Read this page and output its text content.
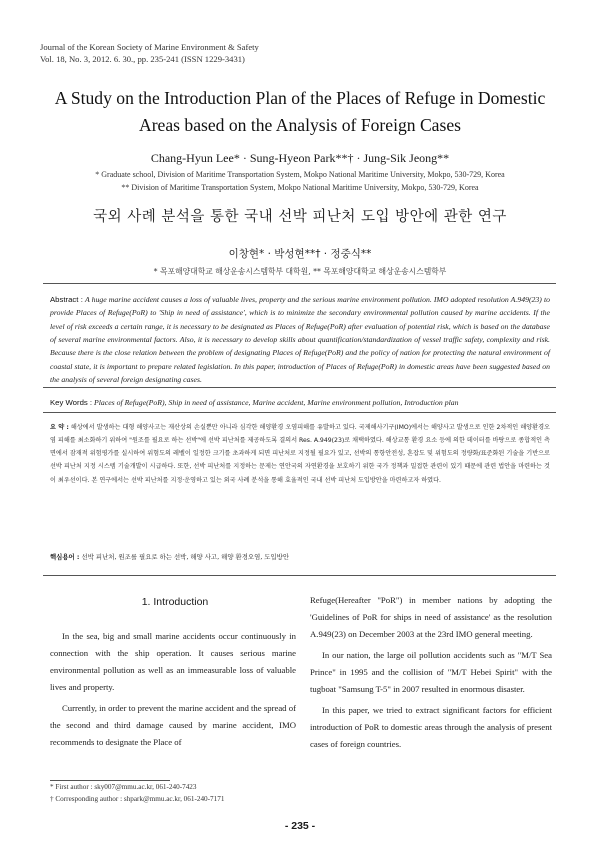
Journal of the Korean Society of Marine Environment & Safety
Vol. 18, No. 3, 2012. 6. 30., pp. 235-241 (ISSN 1229-3431)
A Study on the Introduction Plan of the Places of Refuge in Domestic
Areas based on the Analysis of Foreign Cases
Chang-Hyun Lee* · Sung-Hyeon Park**† · Jung-Sik Jeong**
* Graduate school, Division of Maritime Transportation System, Mokpo National Maritime University, Mokpo, 530-729, Korea
** Division of Maritime Transportation System, Mokpo National Maritime University, Mokpo, 530-729, Korea
국외 사례 분석을 통한 국내 선박 피난처 도입 방안에 관한 연구
이창현* · 박성현**† · 정중식**
* 목포해양대학교 해상운송시스템학부 대학원, ** 목포해양대학교 해상운송시스템학부
Abstract : A huge marine accident causes a loss of valuable lives, property and the serious marine environment pollution. IMO adopted resolution A.949(23) to provide Places of Refuge(PoR) to 'Ship in need of assistance', which is to minimize the secondary environmental pollution caused by marine accidents. If the level of risk exceeds a certain range, it is necessary to be designated as Places of Refuge(PoR) after evaluation of potential risk, which is based on the database of several marine environmental factors. Also, it is necessary to develop skills about quantification/standardization of vessel traffic safety, complexity and risk. Because there is the close relation between the problem of designating Places of Refuge(PoR) and the policy of nation for protecting the natural environment of coastal state, it is important to prepare related legislation. In this paper, introduction of Places of Refuge(PoR) in domestic areas have been suggested based on the analysis of several foreign designating cases.
Key Words : Places of Refuge(PoR), Ship in need of assistance, Marine accident, Marine environment pollution, Introduction plan
요 약 : 해상에서 발생하는 대형 해양사고는 재산상의 손실뿐만 아니라 심각한 해양환경 오염피해를 유발하고 있다. 국제해사기구(IMO)에서는 해양사고 발생으로 인한 2차적인 해양환경오염 피해를 최소화하기 위하여 "원조를 필요로 하는 선박"에 선박 피난처를 제공하도록 결의서 Res. A.949(23)로 채택하였다. 해상교통 환경 요소 등에 의한 데이터를 바탕으로 종합적인 측면에서 잠재적 위험평가를 실시하여 위험도의 레벨이 일정한 크기를 초과하게 되면 피난처로 지정될 필요가 있고, 선박의 통항안전성, 혼잡도 및 위험도의 정량화/표준화된 기술을 기반으로 선박 피난처 지정 시스템 기술개발이 시급하다. 또한, 선박 피난처를 지정하는 문제는 연안국의 자연환경을 보호하기 위한 국가 정책과 밀접한 관련이 있기 때문에 관련 법안을 마련하는 것이 최우선이다. 본 연구에서는 선박 피난처를 지정·운영하고 있는 외국 사례 분석을 통해 효율적인 국내 선박 피난처 도입방안을 마련하고자 하였다.
핵심용어 : 선박 피난처, 원조를 필요로 하는 선박, 해양 사고, 해양 환경오염, 도입방안
1. Introduction

In the sea, big and small marine accidents occur continuously in connection with the ship operation. It causes serious marine environmental pollution as well as an immeasurable loss of valuable lives and property.

Currently, in order to prevent the marine accident and the spread of the second and third damage caused by marine accident, IMO recommends to designate the Place of

Refuge(Hereafter "PoR") in member nations by adopting the 'Guidelines of PoR for ships in need of assistance' as the resolution A.949(23) on December 2003 at the 23rd IMO general meeting.

In our nation, the large oil pollution accidents such as "M/T Sea Prince" in 1995 and the collision of "M/T Hebei Spirit" with the tugboat "Samsung T-5" in 2007 resulted in enormous disaster.

In this paper, we tried to extract significant factors for efficient introduction of PoR to domestic areas through the analysis of present cases of foreign countries.

* First author : sky007@mmu.ac.kr, 061-240-7423
† Corresponding author : shpark@mmu.ac.kr, 061-240-7171
- 235 -
